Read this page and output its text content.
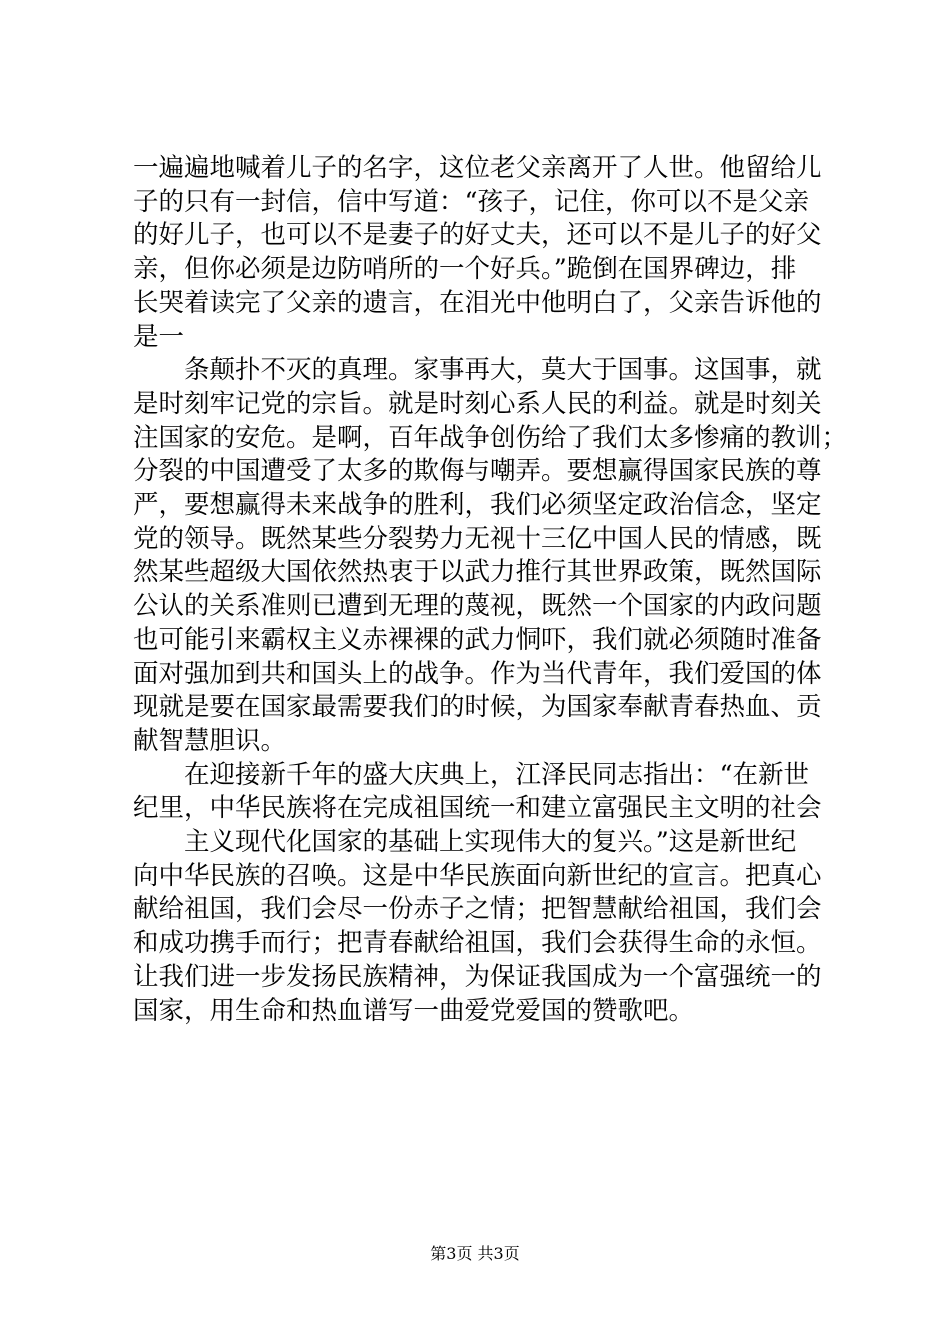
一遍遍地喊着儿子的名字，这位老父亲离开了人世。他留给儿

子的只有一封信，信中写道：“孩子，记住，你可以不是父亲

的好儿子，也可以不是妻子的好丈夫，还可以不是儿子的好父

亲，但你必须是边防哨所的一个好兵。”跪倒在国界碑边，排

长哭着读完了父亲的遗言，在泪光中他明白了，父亲告诉他的

是一

条颠扑不灭的真理。家事再大，莫大于国事。这国事，就

是时刻牢记党的宗旨。就是时刻心系人民的利益。就是时刻关

注国家的安危。是啊，百年战争创伤给了我们太多惨痛的教训；

分裂的中国遭受了太多的欺侮与嘲弄。要想赢得国家民族的尊

严，要想赢得未来战争的胜利，我们必须坚定政治信念，坚定

党的领导。既然某些分裂势力无视十三亿中国人民的情感，既

然某些超级大国依然热衷于以武力推行其世界政策，既然国际

公认的关系准则已遭到无理的蔑视，既然一个国家的内政问题

也可能引来霸权主义赤裸裸的武力恫吓，我们就必须随时准备

面对强加到共和国头上的战争。作为当代青年，我们爱国的体

现就是要在国家最需要我们的时候，为国家奉献青春热血、贡

献智慧胆识。

在迎接新千年的盛大庆典上，江泽民同志指出：“在新世

纪里，中华民族将在完成祖国统一和建立富强民主文明的社会

主义现代化国家的基础上实现伟大的复兴。”这是新世纪

向中华民族的召唤。这是中华民族面向新世纪的宣言。把真心

献给祖国，我们会尽一份赤子之情；把智慧献给祖国，我们会

和成功携手而行；把青春献给祖国，我们会获得生命的永恒。

让我们进一步发扬民族精神，为保证我国成为一个富强统一的

国家，用生命和热血谱写一曲爱党爱国的赞歌吧。

第3页 共3页
